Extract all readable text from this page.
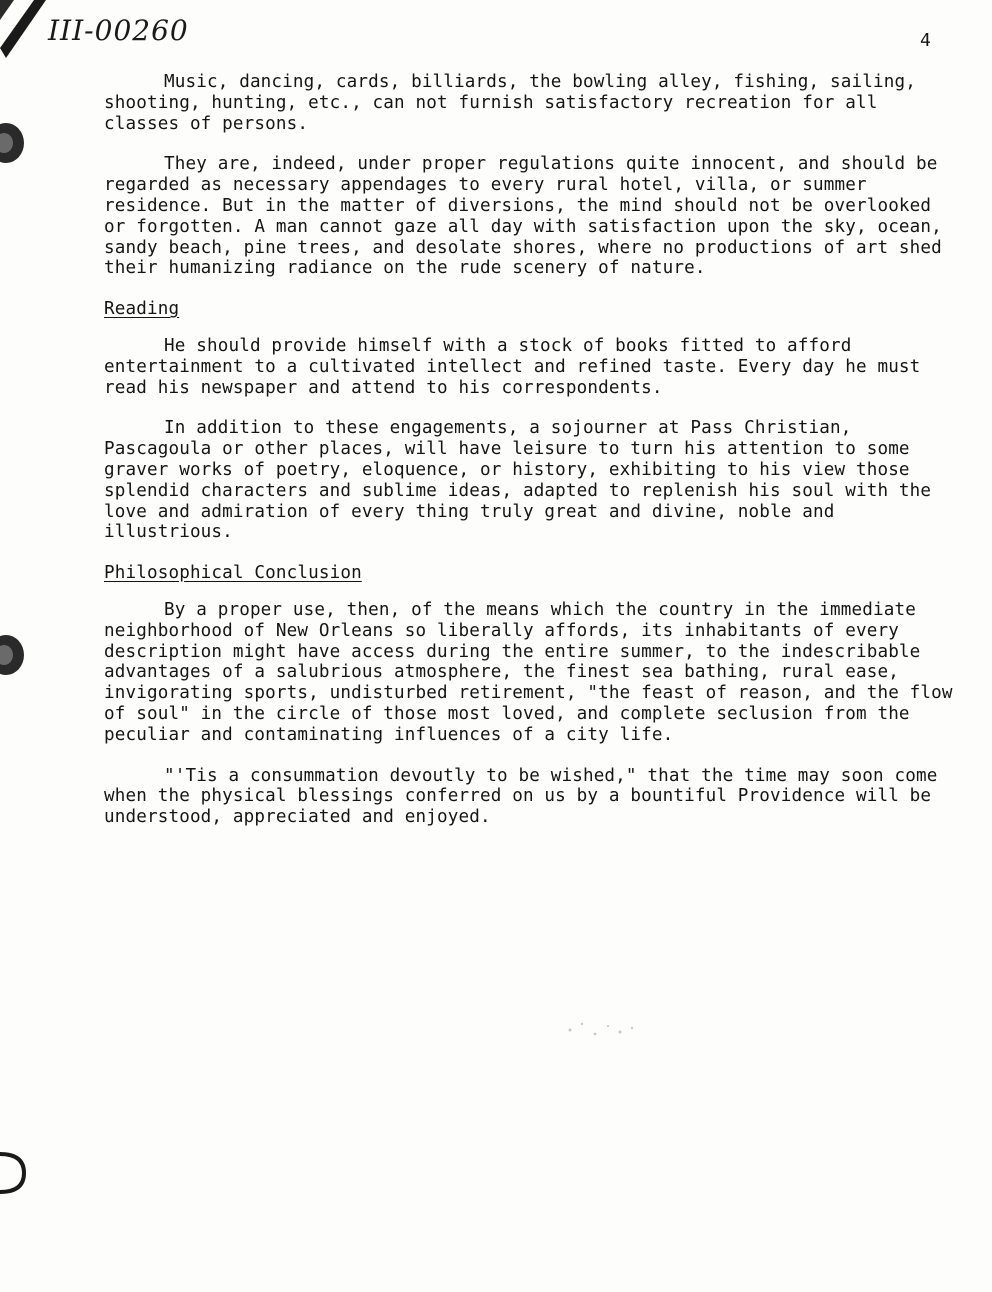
III-00260	4

Music, dancing, cards, billiards, the bowling alley, fishing, sailing, shooting, hunting, etc., can not furnish satisfactory recreation for all classes of persons.

They are, indeed, under proper regulations quite innocent, and should be regarded as necessary appendages to every rural hotel, villa, or summer residence. But in the matter of diversions, the mind should not be overlooked or forgotten. A man cannot gaze all day with satisfaction upon the sky, ocean, sandy beach, pine trees, and desolate shores, where no productions of art shed their humanizing radiance on the rude scenery of nature.

Reading

He should provide himself with a stock of books fitted to afford entertainment to a cultivated intellect and refined taste. Every day he must read his newspaper and attend to his correspondents.

In addition to these engagements, a sojourner at Pass Christian, Pascagoula or other places, will have leisure to turn his attention to some graver works of poetry, eloquence, or history, exhibiting to his view those splendid characters and sublime ideas, adapted to replenish his soul with the love and admiration of every thing truly great and divine, noble and illustrious.

Philosophical Conclusion

By a proper use, then, of the means which the country in the immediate neighborhood of New Orleans so liberally affords, its inhabitants of every description might have access during the entire summer, to the indescribable advantages of a salubrious atmosphere, the finest sea bathing, rural ease, invigorating sports, undisturbed retirement, "the feast of reason, and the flow of soul" in the circle of those most loved, and complete seclusion from the peculiar and contaminating influences of a city life.

"'Tis a consummation devoutly to be wished," that the time may soon come when the physical blessings conferred on us by a bountiful Providence will be understood, appreciated and enjoyed.
